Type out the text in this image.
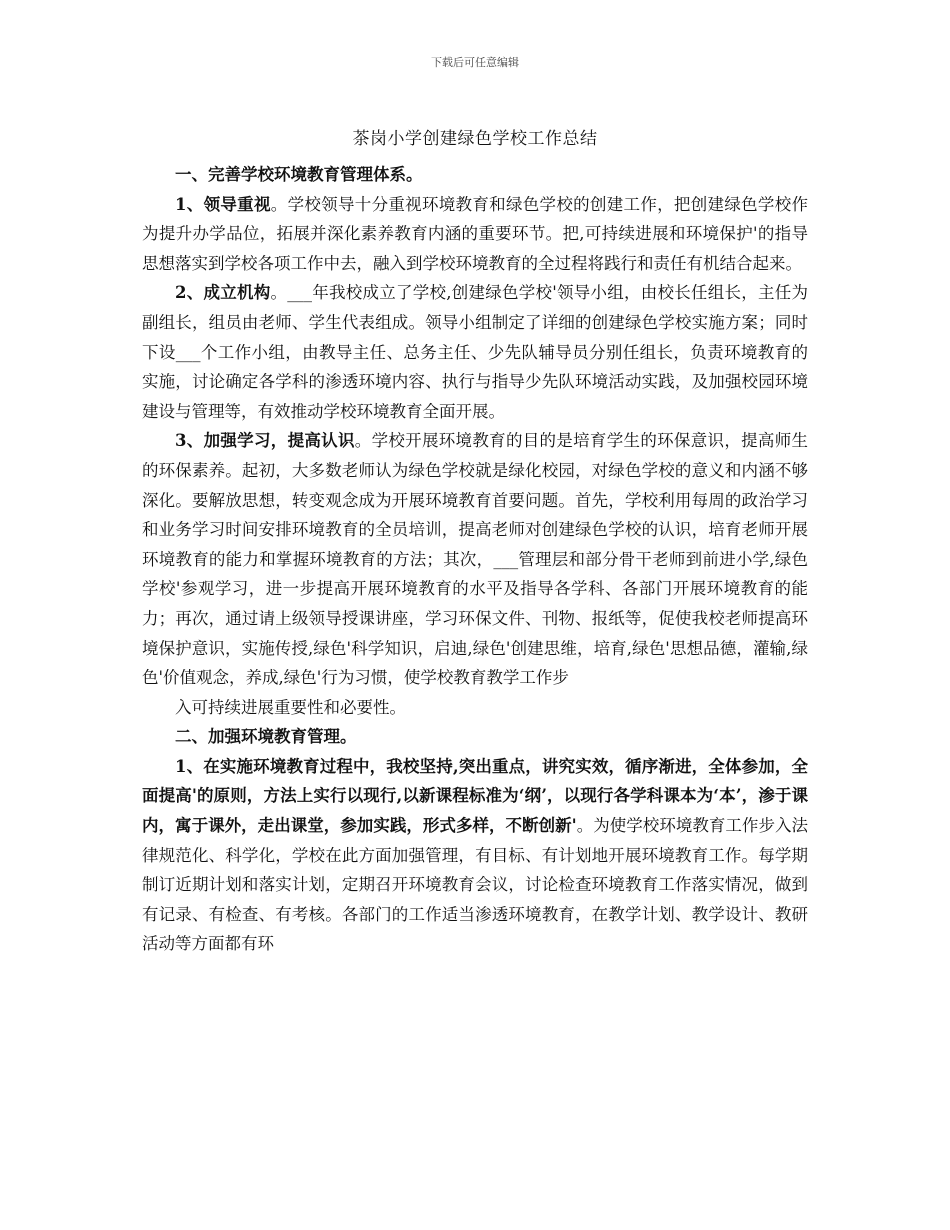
下载后可任意编辑
茶岗小学创建绿色学校工作总结

一、完善学校环境教育管理体系。

1、领导重视。学校领导十分重视环境教育和绿色学校的创建工作，把创建绿色学校作为提升办学品位，拓展并深化素养教育内涵的重要环节。把,可持续进展和环境保护'的指导思想落实到学校各项工作中去，融入到学校环境教育的全过程将践行和责任有机结合起来。

2、成立机构。___年我校成立了学校,创建绿色学校'领导小组，由校长任组长，主任为副组长，组员由老师、学生代表组成。领导小组制定了详细的创建绿色学校实施方案；同时下设___个工作小组，由教导主任、总务主任、少先队辅导员分别任组长，负责环境教育的实施，讨论确定各学科的渗透环境内容、执行与指导少先队环境活动实践，及加强校园环境建设与管理等，有效推动学校环境教育全面开展。

3、加强学习，提高认识。学校开展环境教育的目的是培育学生的环保意识，提高师生的环保素养。起初，大多数老师认为绿色学校就是绿化校园，对绿色学校的意义和内涵不够深化。要解放思想，转变观念成为开展环境教育首要问题。首先，学校利用每周的政治学习和业务学习时间安排环境教育的全员培训，提高老师对创建绿色学校的认识，培育老师开展环境教育的能力和掌握环境教育的方法；其次，___管理层和部分骨干老师到前进小学,绿色学校'参观学习，进一步提高开展环境教育的水平及指导各学科、各部门开展环境教育的能力；再次，通过请上级领导授课讲座，学习环保文件、刊物、报纸等，促使我校老师提高环境保护意识，实施传授,绿色'科学知识，启迪,绿色'创建思维，培育,绿色'思想品德，灌输,绿色'价值观念，养成,绿色'行为习惯，使学校教育教学工作步

入可持续进展重要性和必要性。

二、加强环境教育管理。

1、在实施环境教育过程中，我校坚持,突出重点，讲究实效，循序渐进，全体参加，全面提高'的原则，方法上实行以现行,以新课程标准为‘纲’，以现行各学科课本为‘本’，渗于课内，寓于课外，走出课堂，参加实践，形式多样，不断创新'。为使学校环境教育工作步入法律规范化、科学化，学校在此方面加强管理，有目标、有计划地开展环境教育工作。每学期制订近期计划和落实计划，定期召开环境教育会议，讨论检查环境教育工作落实情况，做到有记录、有检查、有考核。各部门的工作适当渗透环境教育，在教学计划、教学设计、教研活动等方面都有环
